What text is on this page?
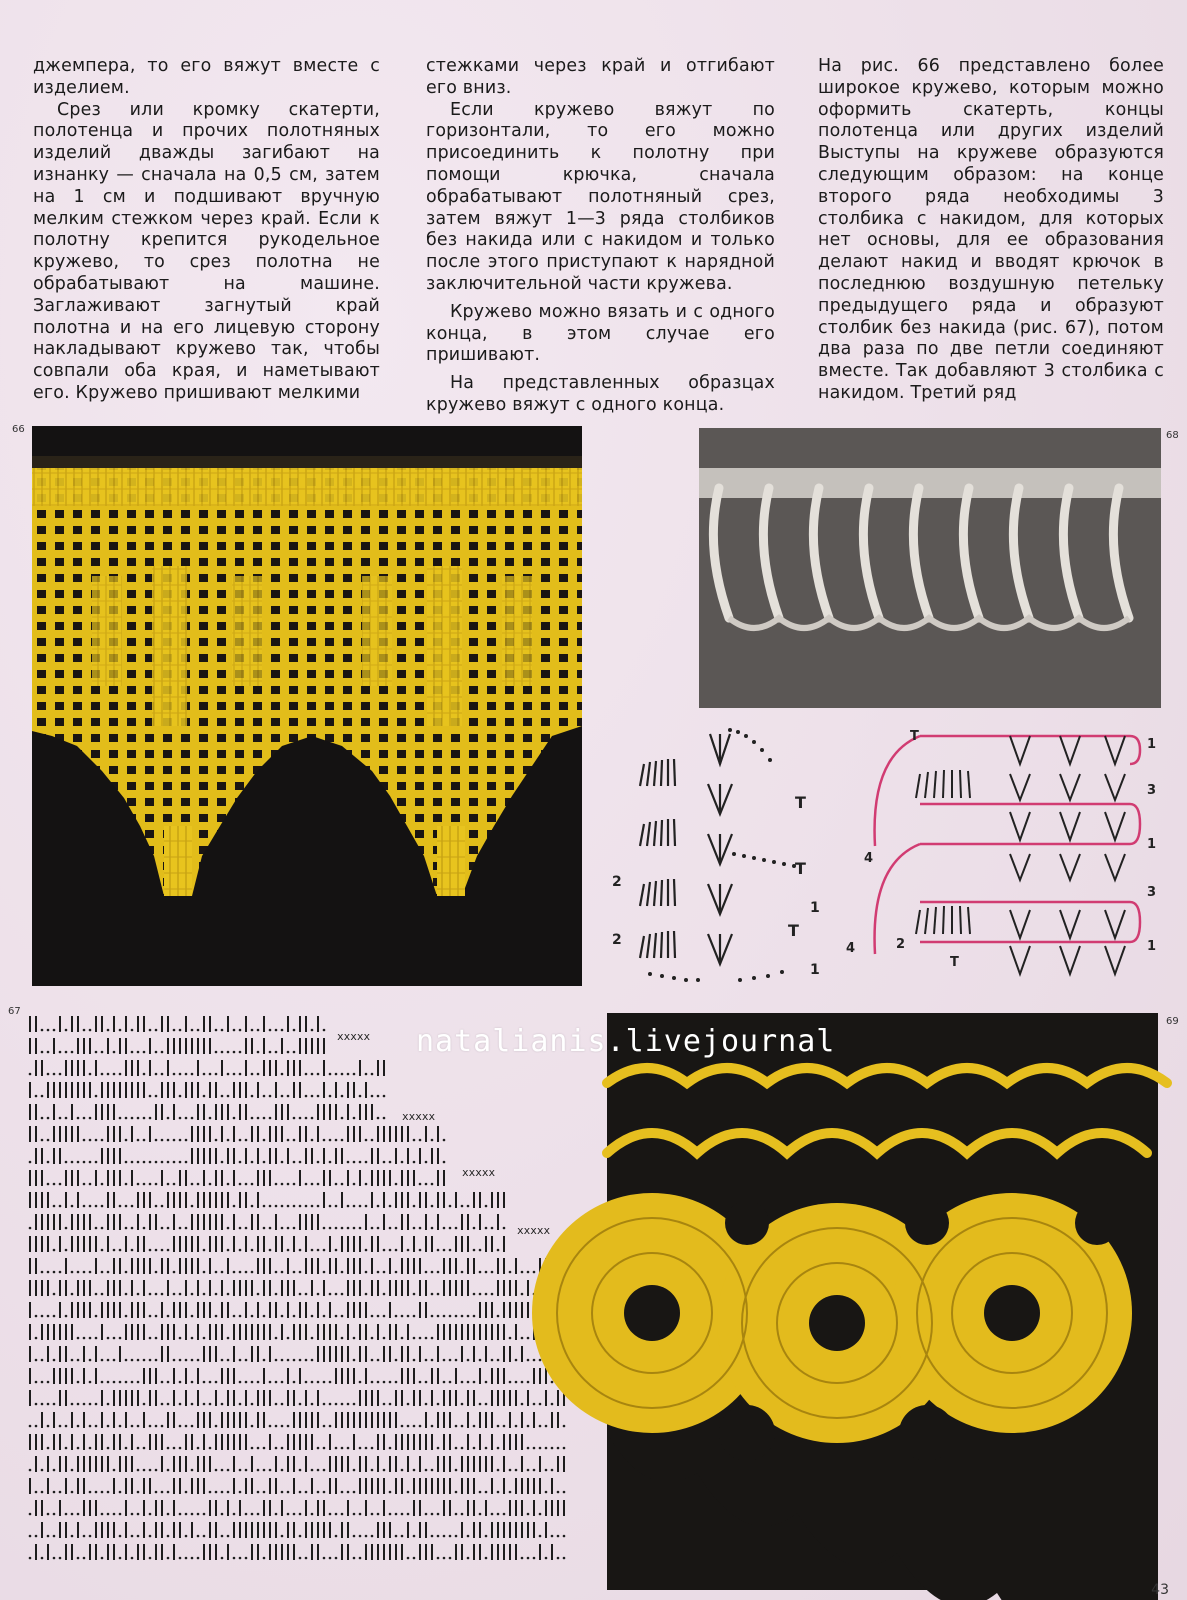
джемпера, то его вяжут вместе с изделием.

Срез или кромку скатерти, полотенца и прочих полотняных изделий дважды загибают на изнанку — сначала на 0,5 см, затем на 1 см и подшивают вручную мелким стежком через край. Если к полотну крепится рукодельное кружево, то срез полотна не обрабатывают на машине. Заглаживают загнутый край полотна и на его лицевую сторону накладывают кружево так, чтобы совпали оба края, и наметывают его. Кружево пришивают мелкими

стежками через край и отгибают его вниз.

Если кружево вяжут по горизонтали, то его можно присоединить к полотну при помощи крючка, сначала обрабатывают полотняный срез, затем вяжут 1—3 ряда столбиков без накида или с накидом и только после этого приступают к нарядной заключительной части кружева.

Кружево можно вязать и с одного конца, в этом случае его пришивают.

На представленных образцах кружево вяжут с одного конца.

На рис. 66 представлено более широкое кружево, которым можно оформить скатерть, концы полотенца или других изделий Выступы на кружеве образуются следующим образом: на конце второго ряда необходимы 3 столбика с накидом, для которых нет основы, для ее образования делают накид и вводят крючок в последнюю воздушную петельку предыдущего ряда и образуют столбик без накида (рис. 67), потом два раза по две петли соединяют вместе. Так добавляют 3 столбика с накидом. Третий ряд

66
68
67
69
T
T
T
2
1
2
1
1
3
1
3
1
4
4	2
T
T
xxxxx
xxxxx
xxxxx
xxxxx
natalianis.livejournal
43
